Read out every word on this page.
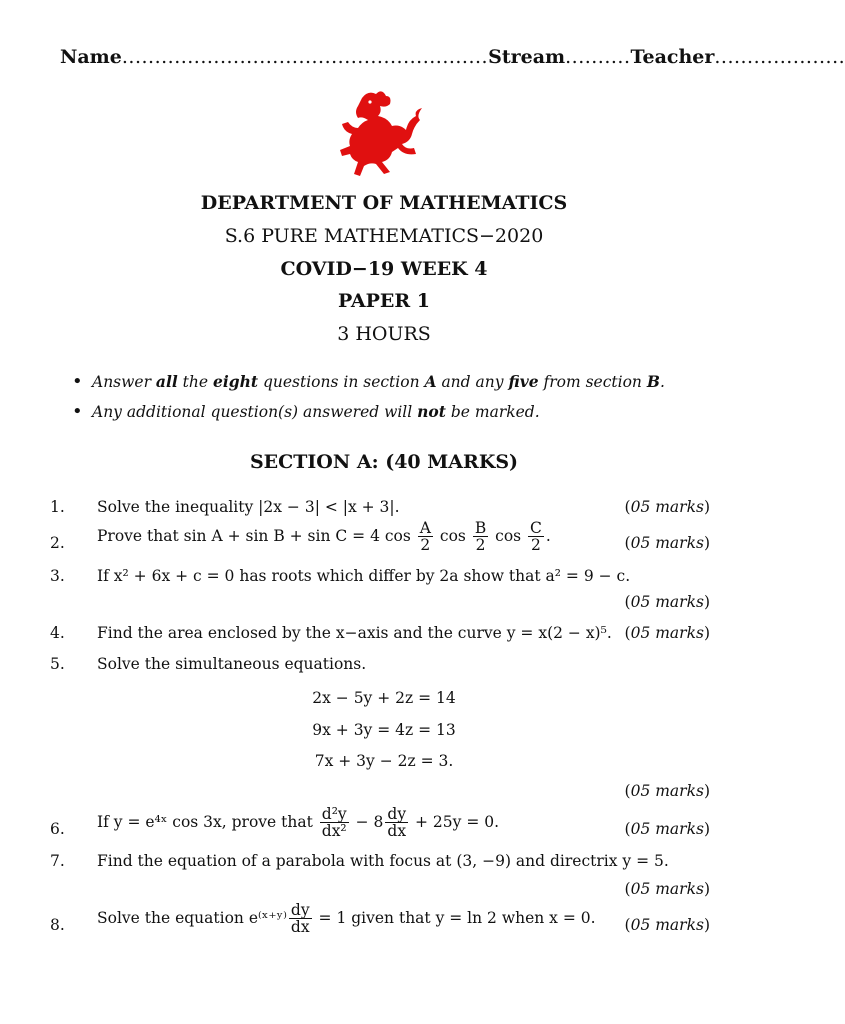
Name........................................................Stream..........Teacher....................
DEPARTMENT OF MATHEMATICS
S.6 PURE MATHEMATICS−2020
COVID−19 WEEK 4
PAPER 1
3 HOURS
• Answer all the eight questions in section A and any five from section B.
• Any additional question(s) answered will not be marked.
SECTION A: (40 MARKS)
1. Solve the inequality |2x − 3| < |x + 3|.	(05 marks)
2. Prove that sin A + sin B + sin C = 4 $\cos \frac{A}{2}$ $\cos \frac{B}{2}$ $\cos \frac{C}{2}$ .	(05 marks)
3. If x² + 6x + c = 0 has roots which differ by 2a show that a² = 9 − c.
(05 marks)
4. Find the area enclosed by the x−axis and the curve y = x(2 − x)⁵. (05 marks)
5. Solve the simultaneous equations.
2x − 5y + 2z = 14
9x + 3y = 4z = 13
7x + 3y − 2z = 3.
(05 marks)
6. If y = e⁴ˣ cos 3x, prove that $\frac{\text{d²y}}{\text{dx²}} - 8 \frac{dy}{dx} + 25y = 0$.	(05 marks)
7. Find the equation of a parabola with focus at (3, −9) and directrix y = 5.
(05 marks)
8. Solve the equation e⁽ˣ⁺ʸ⁾ $\frac{dy}{dx} = 1$ given that y = ln 2 when x = 0. (05 marks)
